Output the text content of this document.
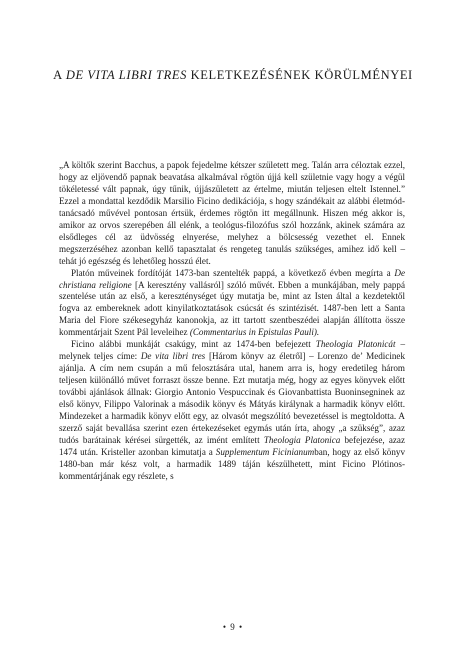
A DE VITA LIBRI TRES KELETKEZÉSÉNEK KÖRÜLMÉNYEI

„A költők szerint Bacchus, a papok fejedelme kétszer született meg. Talán arra céloztak ezzel, hogy az eljövendő papnak beavatása alkalmával rögtön újjá kell születnie vagy hogy a végül tökéletessé vált papnak, úgy tűnik, újjászületett az értelme, miután teljesen eltelt Istennel.” Ezzel a mondattal kezdődik Marsilio Ficino dedikációja, s hogy szándékait az alábbi életmód-tanácsadó művével pontosan értsük, érdemes rögtön itt megállnunk. Hiszen még akkor is, amikor az orvos szerepében áll elénk, a teológus-filozófus szól hozzánk, akinek számára az elsődleges cél az üdvösség elnyerése, melyhez a bölcsesség vezethet el. Ennek megszerzéséhez azonban kellő tapasztalat és rengeteg tanulás szükséges, amihez idő kell – tehát jó egészség és lehetőleg hosszú élet.

Platón műveinek fordítóját 1473-ban szentelték pappá, a következő évben megírta a De christiana religione [A keresztény vallásról] szóló művét. Ebben a munkájában, mely pappá szentelése után az első, a kereszténységet úgy mutatja be, mint az Isten által a kezdetektől fogva az embereknek adott kinyilatkoztatások csúcsát és szintézisét. 1487-ben lett a Santa Maria del Fiore székesegyház kanonokja, az itt tartott szentbeszédei alapján állította össze kommentárjait Szent Pál leveleihez (Commentarius in Epistulas Pauli).

Ficino alábbi munkáját csakúgy, mint az 1474-ben befejezett Theologia Platonicát – melynek teljes címe: De vita libri tres [Három könyv az életről] – Lorenzo de’ Medicinek ajánlja. A cím nem csupán a mű felosztására utal, hanem arra is, hogy eredetileg három teljesen különálló művet forraszt össze benne. Ezt mutatja még, hogy az egyes könyvek előtt további ajánlások állnak: Giorgio Antonio Vespuccinak és Giovanbattista Buoninsegninek az első könyv, Filippo Valorinak a második könyv és Mátyás királynak a harmadik könyv előtt. Mindezeket a harmadik könyv előtt egy, az olvasót megszólító bevezetéssel is megtoldotta. A szerző saját bevallása szerint ezen értekezéseket egymás után írta, ahogy „a szükség”, azaz tudós barátainak kérései sürgették, az imént említett Theologia Platonica befejezése, azaz 1474 után. Kristeller azonban kimutatja a Supplementum Ficinianumban, hogy az első könyv 1480-ban már kész volt, a harmadik 1489 táján készülhetett, mint Ficino Plótinos-kommentárjának egy részlete, s

• 9 •
